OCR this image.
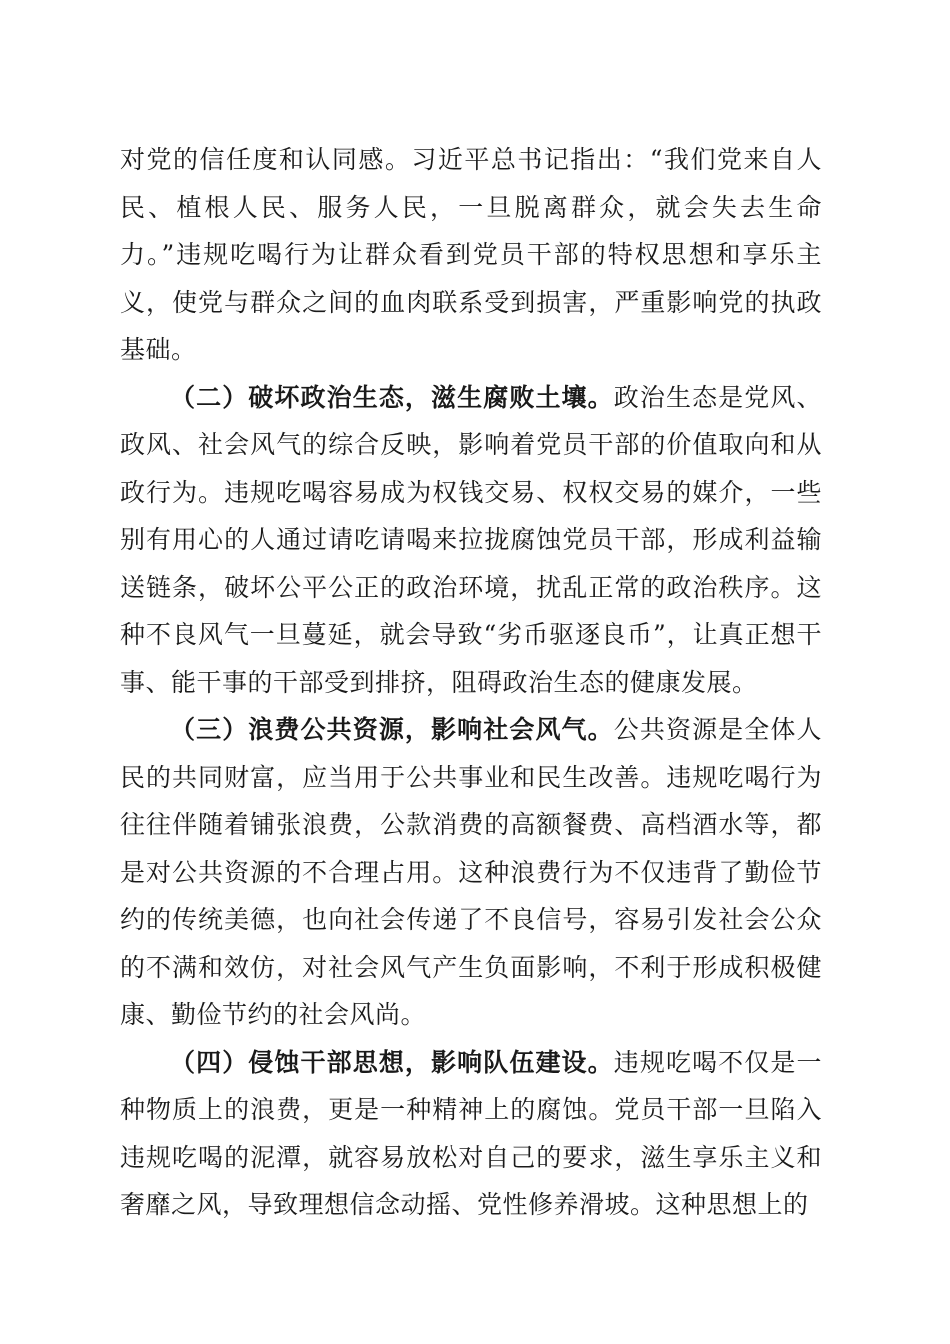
对党的信任度和认同感。习近平总书记指出：“我们党来自人民、植根人民、服务人民，一旦脱离群众，就会失去生命力。”违规吃喝行为让群众看到党员干部的特权思想和享乐主义，使党与群众之间的血肉联系受到损害，严重影响党的执政基础。

（二）破坏政治生态，滋生腐败土壤。政治生态是党风、政风、社会风气的综合反映，影响着党员干部的价值取向和从政行为。违规吃喝容易成为权钱交易、权权交易的媒介，一些别有用心的人通过请吃请喝来拉拢腐蚀党员干部，形成利益输送链条，破坏公平公正的政治环境，扰乱正常的政治秩序。这种不良风气一旦蔓延，就会导致“劣币驱逐良币”，让真正想干事、能干事的干部受到排挤，阻碍政治生态的健康发展。

（三）浪费公共资源，影响社会风气。公共资源是全体人民的共同财富，应当用于公共事业和民生改善。违规吃喝行为往往伴随着铺张浪费，公款消费的高额餐费、高档酒水等，都是对公共资源的不合理占用。这种浪费行为不仅违背了勤俭节约的传统美德，也向社会传递了不良信号，容易引发社会公众的不满和效仿，对社会风气产生负面影响，不利于形成积极健康、勤俭节约的社会风尚。

（四）侵蚀干部思想，影响队伍建设。违规吃喝不仅是一种物质上的浪费，更是一种精神上的腐蚀。党员干部一旦陷入违规吃喝的泥潭，就容易放松对自己的要求，滋生享乐主义和奢靡之风，导致理想信念动摇、党性修养滑坡。这种思想上的
